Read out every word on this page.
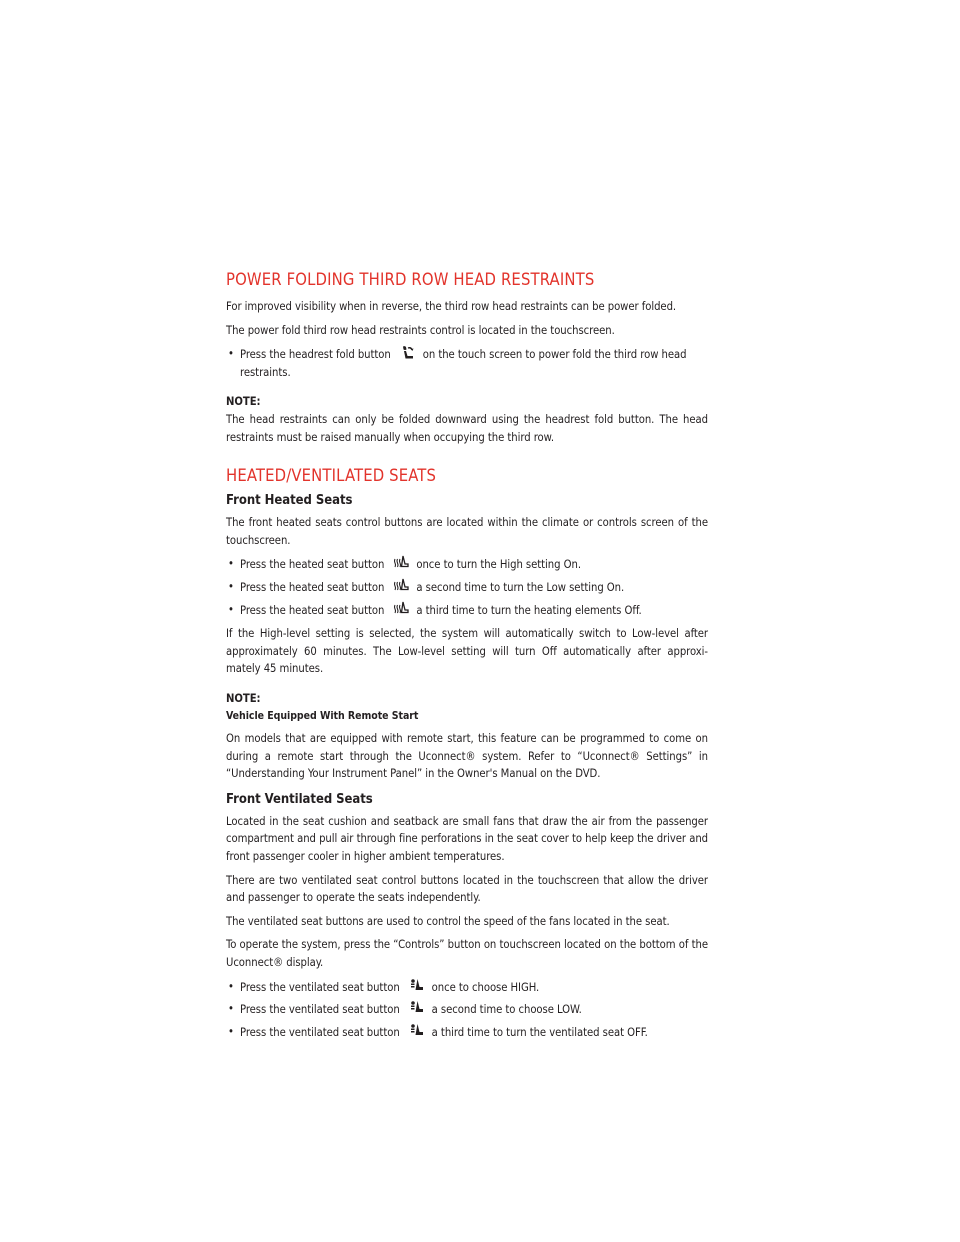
POWER FOLDING THIRD ROW HEAD RESTRAINTS

For improved visibility when in reverse, the third row head restraints can be power folded.

The power fold third row head restraints control is located in the touchscreen.

• Press the headrest fold button	on the touch screen to power fold the third row head restraints.

NOTE:

The head restraints can only be folded downward using the headrest fold button. The head restraints must be raised manually when occupying the third row.

HEATED/VENTILATED SEATS
Front Heated Seats

The front heated seats control buttons are located within the climate or controls screen of the touchscreen.

• Press the heated seat button	once to turn the High setting On.
• Press the heated seat button	a second time to turn the Low setting On.
• Press the heated seat button	a third time to turn the heating elements Off.

If the High-level setting is selected, the system will automatically switch to Low-level after approximately 60 minutes. The Low-level setting will turn Off automatically after approxi- mately 45 minutes.

NOTE:

Vehicle Equipped With Remote Start

On models that are equipped with remote start, this feature can be programmed to come on during a remote start through the Uconnect® system. Refer to “Uconnect® Settings” in “Understanding Your Instrument Panel” in the Owner's Manual on the DVD.

Front Ventilated Seats

Located in the seat cushion and seatback are small fans that draw the air from the passenger compartment and pull air through fine perforations in the seat cover to help keep the driver and front passenger cooler in higher ambient temperatures.

There are two ventilated seat control buttons located in the touchscreen that allow the driver and passenger to operate the seats independently.

The ventilated seat buttons are used to control the speed of the fans located in the seat.

To operate the system, press the “Controls” button on touchscreen located on the bottom of the Uconnect® display.

• Press the ventilated seat button	once to choose HIGH.
• Press the ventilated seat button	a second time to choose LOW.
• Press the ventilated seat button	a third time to turn the ventilated seat OFF.
